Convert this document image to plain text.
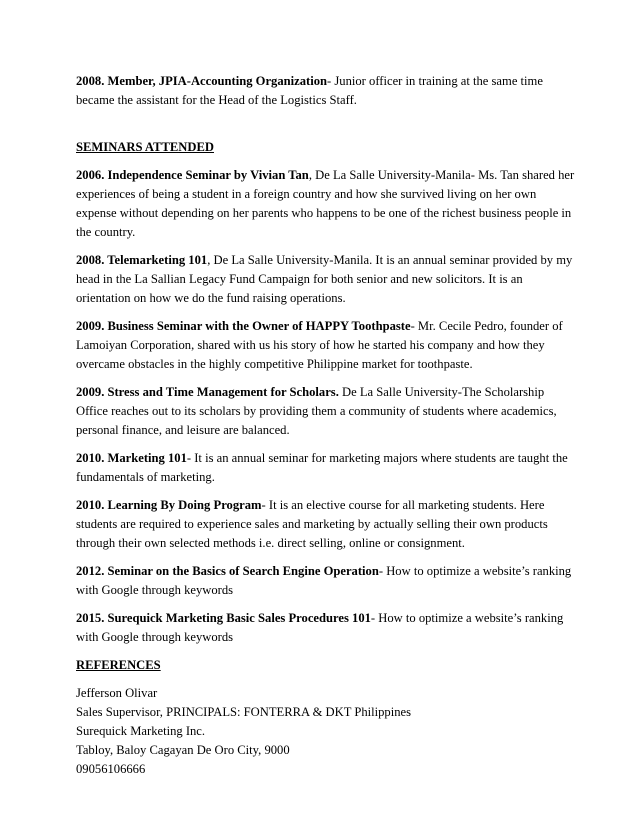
2008. Member, JPIA-Accounting Organization- Junior officer in training at the same time became the assistant for the Head of the Logistics Staff.

SEMINARS ATTENDED

2006. Independence Seminar by Vivian Tan, De La Salle University-Manila- Ms. Tan shared her experiences of being a student in a foreign country and how she survived living on her own expense without depending on her parents who happens to be one of the richest business people in the country.

2008. Telemarketing 101, De La Salle University-Manila. It is an annual seminar provided by my head in the La Sallian Legacy Fund Campaign for both senior and new solicitors. It is an orientation on how we do the fund raising operations.

2009. Business Seminar with the Owner of HAPPY Toothpaste- Mr. Cecile Pedro, founder of Lamoiyan Corporation, shared with us his story of how he started his company and how they overcame obstacles in the highly competitive Philippine market for toothpaste.

2009. Stress and Time Management for Scholars. De La Salle University-The Scholarship Office reaches out to its scholars by providing them a community of students where academics, personal finance, and leisure are balanced.

2010. Marketing 101- It is an annual seminar for marketing majors where students are taught the fundamentals of marketing.

2010. Learning By Doing Program- It is an elective course for all marketing students. Here students are required to experience sales and marketing by actually selling their own products through their own selected methods i.e. direct selling, online or consignment.

2012. Seminar on the Basics of Search Engine Operation- How to optimize a website’s ranking with Google through keywords

2015. Surequick Marketing Basic Sales Procedures 101- How to optimize a website’s ranking with Google through keywords

REFERENCES

Jefferson Olivar
Sales Supervisor, PRINCIPALS: FONTERRA & DKT Philippines
Surequick Marketing Inc.
Tabloy, Baloy Cagayan De Oro City, 9000
09056106666
